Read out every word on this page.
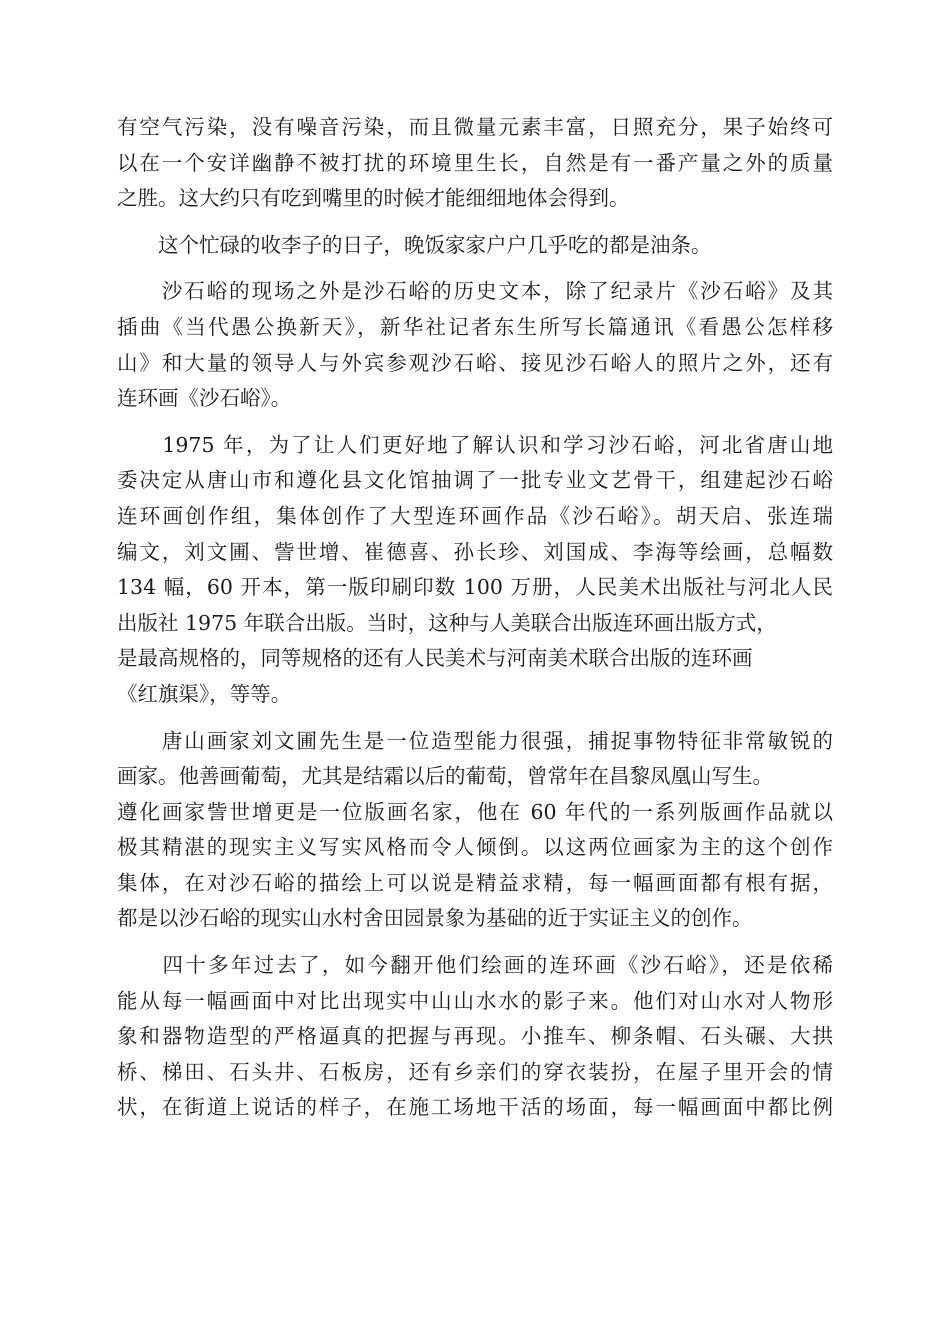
有空气污染，没有噪音污染，而且微量元素丰富，日照充分，果子始终可
以在一个安详幽静不被打扰的环境里生长，自然是有一番产量之外的质量
之胜。这大约只有吃到嘴里的时候才能细细地体会得到。
　　这个忙碌的收李子的日子，晚饭家家户户几乎吃的都是油条。
　　沙石峪的现场之外是沙石峪的历史文本，除了纪录片《沙石峪》及其
插曲《当代愚公换新天》，新华社记者东生所写长篇通讯《看愚公怎样移
山》和大量的领导人与外宾参观沙石峪、接见沙石峪人的照片之外，还有
连环画《沙石峪》。
　　1975 年，为了让人们更好地了解认识和学习沙石峪，河北省唐山地
委决定从唐山市和遵化县文化馆抽调了一批专业文艺骨干，组建起沙石峪
连环画创作组，集体创作了大型连环画作品《沙石峪》。胡天启、张连瑞
编文，刘文圃、訾世增、崔德喜、孙长珍、刘国成、李海等绘画，总幅数
134 幅，60 开本，第一版印刷印数 100 万册，人民美术出版社与河北人民
出版社 1975 年联合出版。当时，这种与人美联合出版连环画出版方式，
是最高规格的，同等规格的还有人民美术与河南美术联合出版的连环画
《红旗渠》，等等。
　　唐山画家刘文圃先生是一位造型能力很强，捕捉事物特征非常敏锐的
画家。他善画葡萄，尤其是结霜以后的葡萄，曾常年在昌黎凤凰山写生。
遵化画家訾世增更是一位版画名家，他在 60 年代的一系列版画作品就以
极其精湛的现实主义写实风格而令人倾倒。以这两位画家为主的这个创作
集体，在对沙石峪的描绘上可以说是精益求精，每一幅画面都有根有据，
都是以沙石峪的现实山水村舍田园景象为基础的近于实证主义的创作。
　　四十多年过去了，如今翻开他们绘画的连环画《沙石峪》，还是依稀
能从每一幅画面中对比出现实中山山水水的影子来。他们对山水对人物形
象和器物造型的严格逼真的把握与再现。小推车、柳条帽、石头碾、大拱
桥、梯田、石头井、石板房，还有乡亲们的穿衣装扮，在屋子里开会的情
状，在街道上说话的样子，在施工场地干活的场面，每一幅画面中都比例
